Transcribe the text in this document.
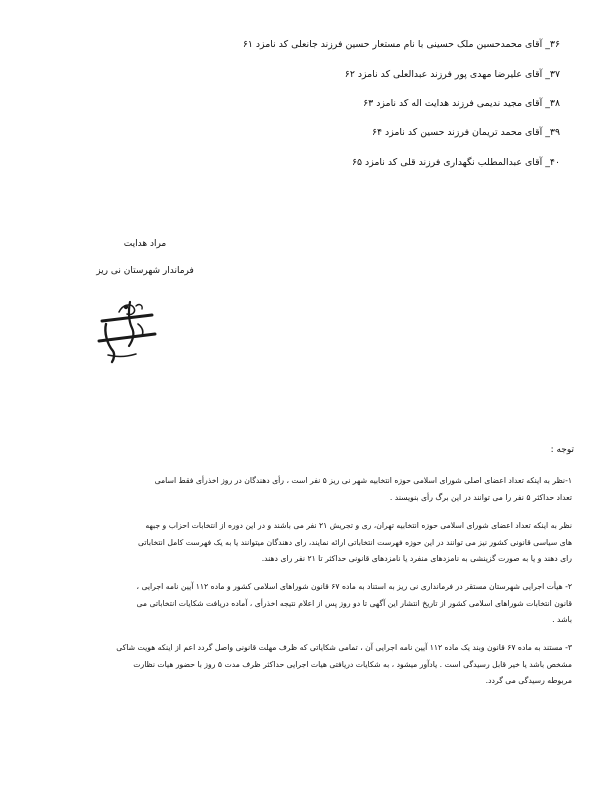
۳۶_ آقای محمدحسین ملک حسینی با نام مستعار حسین فرزند جانعلی کد نامزد ۶۱
۳۷_ آقای علیرضا مهدی پور فرزند عبدالعلی کد نامزد ۶۲
۳۸_ آقای مجید ندیمی فرزند هدایت اله کد نامزد ۶۳
۳۹_ آقای محمد تریمان فرزند حسین کد نامزد ۶۴
۴۰_ آقای عبدالمطلب نگهداری فرزند قلی کد نامزد ۶۵
مراد هدایت
فرماندار شهرستان نی ریز
توجه :
۱-نظر به اینکه تعداد اعضای اصلی شورای اسلامی حوزه انتخابیه شهر نی ریز ۵ نفر است ، رأی دهندگان در روز اخذرأی فقط اسامی
تعداد حداکثر ۵ نفر را می توانند در این برگ رأی بنویسند .
نظر به اینکه تعداد اعضای شورای اسلامی حوزه انتخابیه تهران، ری و تجریش ۲۱ نفر می باشند و در این دوره از انتخابات احزاب و جبهه
های سیاسی قانونی کشور نیز می توانند در این حوزه فهرست انتخاباتی ارائه نمایند، رای دهندگان میتوانند یا به یک فهرست کامل انتخاباتی
رای دهند و یا به صورت گزینشی به نامزدهای منفرد یا نامزدهای قانونی حداکثر تا ۲۱ نفر رای دهند.
۲- هیأت اجرایی شهرستان مستقر در فرمانداری نی ریز به استناد به ماده ۶۷ قانون شوراهای اسلامی کشور و ماده ۱۱۲ آیین نامه اجرایی ،
قانون انتخابات شوراهای اسلامی کشور از تاریخ انتشار این آگهی تا دو روز پس از اعلام نتیجه اخذرأی ، آماده دریافت شکایات انتخاباتی می
باشد .
۳- مستند به ماده ۶۷ قانون وبند یک ماده ۱۱۲ آیین نامه اجرایی آن ، تمامی شکایاتی که ظرف مهلت قانونی واصل گردد اعم از اینکه هویت شاکی
مشخص باشد یا خیر قابل رسیدگی است . یادآور میشود ، به شکایات دریافتی هیات اجرایی حداکثر ظرف مدت ۵ روز با حضور هیات نظارت
مربوطه رسیدگی می گردد.
